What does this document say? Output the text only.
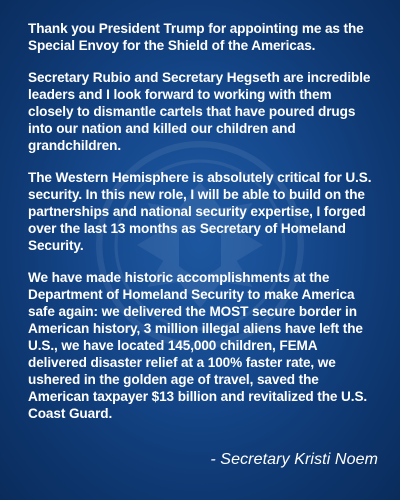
Thank you President Trump for appointing me as the Special Envoy for the Shield of the Americas.

Secretary Rubio and Secretary Hegseth are incredible leaders and I look forward to working with them closely to dismantle cartels that have poured drugs into our nation and killed our children and grandchildren.

The Western Hemisphere is absolutely critical for U.S. security. In this new role, I will be able to build on the partnerships and national security expertise, I forged over the last 13 months as Secretary of Homeland Security.

We have made historic accomplishments at the Department of Homeland Security to make America safe again: we delivered the MOST secure border in American history, 3 million illegal aliens have left the U.S., we have located 145,000 children, FEMA delivered disaster relief at a 100% faster rate, we ushered in the golden age of travel, saved the American taxpayer $13 billion and revitalized the U.S. Coast Guard.

- Secretary Kristi Noem
